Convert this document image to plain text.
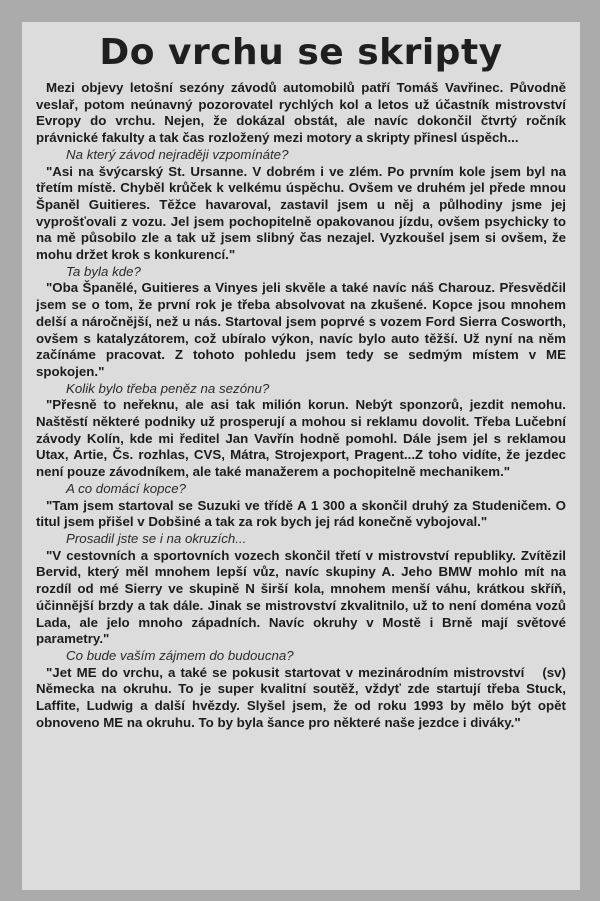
Do vrchu se skripty

Mezi objevy letošní sezóny závodů automobilů patří Tomáš Vavřinec. Původně veslař, potom neúnavný pozorovatel rychlých kol a letos už účastník mistrovství Evropy do vrchu. Nejen, že dokázal obstát, ale navíc dokončil čtvrtý ročník právnické fakulty a tak čas rozložený mezi motory a skripty přinesl úspěch...

Na který závod nejraději vzpomínáte?

"Asi na švýcarský St. Ursanne. V dobrém i ve zlém. Po prvním kole jsem byl na třetím místě. Chyběl krůček k velkému úspěchu. Ovšem ve druhém jel přede mnou Španěl Guitieres. Těžce havaroval, zastavil jsem u něj a půlhodiny jsme jej vyprošťovali z vozu. Jel jsem pochopitelně opakovanou jízdu, ovšem psychicky to na mě působilo zle a tak už jsem slibný čas nezajel. Vyzkoušel jsem si ovšem, že mohu držet krok s konkurencí."

Ta byla kde?

"Oba Španělé, Guitieres a Vinyes jeli skvěle a také navíc náš Charouz. Přesvědčil jsem se o tom, že první rok je třeba absolvovat na zkušené. Kopce jsou mnohem delší a náročnější, než u nás. Startoval jsem poprvé s vozem Ford Sierra Cosworth, ovšem s katalyzátorem, což ubíralo výkon, navíc bylo auto těžší. Už nyní na něm začínáme pracovat. Z tohoto pohledu jsem tedy se sedmým místem v ME spokojen."

Kolik bylo třeba peněz na sezónu?

"Přesně to neřeknu, ale asi tak milión korun. Nebýt sponzorů, jezdit nemohu. Naštěstí některé podniky už prosperují a mohou si reklamu dovolit. Třeba Lučební závody Kolín, kde mi ředitel Jan Vavřín hodně pomohl. Dále jsem jel s reklamou Utax, Artie, Čs. rozhlas, CVS, Mátra, Strojexport, Pragent...Z toho vidíte, že jezdec není pouze závodníkem, ale také manažerem a pochopitelně mechanikem."

A co domácí kopce?

"Tam jsem startoval se Suzuki ve třídě A 1 300 a skončil druhý za Studeničem. O titul jsem přišel v Dobšiné a tak za rok bych jej rád konečně vybojoval."

Prosadil jste se i na okruzích...

"V cestovních a sportovních vozech skončil třetí v mistrovství republiky. Zvítězil Bervid, který měl mnohem lepší vůz, navíc skupiny A. Jeho BMW mohlo mít na rozdíl od mé Sierry ve skupině N širší kola, mnohem menší váhu, krátkou skříň, účinnější brzdy a tak dále. Jinak se mistrovství zkvalitnilo, už to není doména vozů Lada, ale jelo mnoho západních. Navíc okruhy v Mostě i Brně mají světové parametry."

Co bude vaším zájmem do budoucna?

(sv)
"Jet ME do vrchu, a také se pokusit startovat v mezinárodním mistrovství Německa na okruhu. To je super kvalitní soutěž, vždyť zde startují třeba Stuck, Laffite, Ludwig a další hvězdy. Slyšel jsem, že od roku 1993 by mělo být opět obnoveno ME na okruhu. To by byla šance pro některé naše jezdce i diváky."
